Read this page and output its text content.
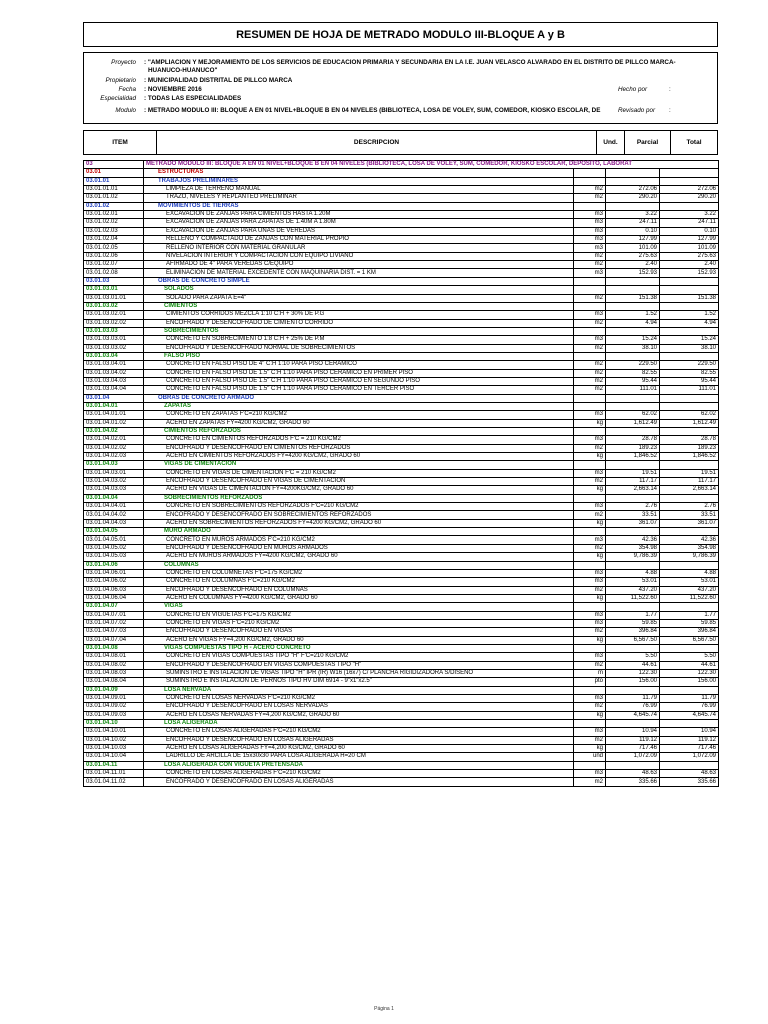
RESUMEN DE HOJA DE METRADO MODULO III-BLOQUE A y B
Proyecto : "AMPLIACION Y MEJORAMIENTO DE LOS SERVICIOS DE EDUCACION PRIMARIA Y SECUNDARIA EN LA I.E. JUAN VELASCO ALVARADO EN EL DISTRITO DE PILLCO MARCA-
HUANUCO-HUANUCO"
Propietario : MUNICIPALIDAD DISTRITAL DE PILLCO MARCA
Fecha : NOVIEMBRE 2016	Hecho por	:
Especialidad : TODAS LAS ESPECIALIDADES
Modulo : METRADO MODULO III: BLOQUE A EN 01 NIVEL+BLOQUE B EN 04 NIVELES (BIBLIOTECA, LOSA DE VOLEY, SUM, COMEDOR, KIOSKO ESCOLAR, DE	Revisado por :
ITEM	DESCRIPCION	Und.	Parcial	Total
03	METRADO MODULO III: BLOQUE A EN 01 NIVEL+BLOQUE B EN 04 NIVELES (BIBLIOTECA, LOSA DE VOLEY, SUM, COMEDOR, KIOSKO ESCOLAR, DEPOSITO, LABORAT			
03.01	ESTRUCTURAS			
03.01.01	TRABAJOS PRELIMINARES			
03.01.01.01	LIMPIEZA DE TERRENO MANUAL	m2	272.06	272.06
03.01.01.02	TRAZO, NIVELES Y REPLANTEO PRELIMINAR	m2	290.20	290.20
03.01.02	MOVIMIENTOS DE TIERRAS			
03.01.02.01	EXCAVACION DE ZANJAS PARA CIMIENTOS HASTA 1.20M	m3	3.22	3.22
03.01.02.02	EXCAVACION DE ZANJAS PARA ZAPATAS DE 1.40M A 1.80M	m3	247.11	247.11
03.01.02.03	EXCAVACION DE ZANJAS PARA UNAS DE VEREDAS	m3	0.10	0.10
03.01.02.04	RELLENO Y COMPACTADO DE ZANJAS CON MATERIAL PROPIO	m3	127.99	127.99
03.01.02.05	RELLENO INTERIOR CON MATERIAL GRANULAR	m3	101.09	101.09
03.01.02.06	NIVELACION INTERIOR Y COMPACTACION CON EQUIPO LIVIANO	m2	275.63	275.63
03.01.02.07	AFIRMADO DE 4" PARA VEREDAS C/EQUIPO	m2	2.40	2.40
03.01.02.08	ELIMINACION DE MATERIAL EXCEDENTE CON MAQUINARIA DIST. = 1 KM	m3	152.93	152.93
03.01.03	OBRAS DE CONCRETO SIMPLE			
03.01.03.01	SOLADOS			
03.01.03.01.01	SOLADO PARA ZAPATA E=4"	m2	151.38	151.38
03.01.03.02	CIMIENTOS			
03.01.03.02.01	CIMIENTOS CORRIDOS MEZCLA 1:10 C:H + 30% DE P.G	m3	1.52	1.52
03.01.03.02.02	ENCOFRADO Y DESENCOFRADO DE CIMIENTO CORRIDO	m2	4.94	4.94
03.01.03.03	SOBRECIMIENTOS			
03.01.03.03.01	CONCRETO EN SOBRECIMIENTO 1:8 C:H + 25% DE P.M	m3	15.24	15.24
03.01.03.03.02	ENCOFRADO Y DESENCOFRADO NORMAL DE SOBRECIMIENTOS	m2	38.10	38.10
03.01.03.04	FALSO PISO			
03.01.03.04.01	CONCRETO EN FALSO PISO DE 4" C:H 1:10 PARA PISO CERAMICO	m2	229.50	229.50
03.01.03.04.02	CONCRETO EN FALSO PISO DE 1.5" C:H 1:10 PARA PISO CERAMICO EN PRIMER PISO	m2	82.55	82.55
03.01.03.04.03	CONCRETO EN FALSO PISO DE 1.5" C:H 1:10 PARA PISO CERAMICO EN SEGUNDO PISO	m2	95.44	95.44
03.01.03.04.04	CONCRETO EN FALSO PISO DE 1.5" C:H 1:10 PARA PISO CERAMICO EN TERCER PISO	m2	111.01	111.01
03.01.04	OBRAS DE CONCRETO ARMADO			
03.01.04.01	ZAPATAS			
03.01.04.01.01	CONCRETO EN ZAPATAS F'C=210 KG/CM2	m3	62.02	62.02
03.01.04.01.02	ACERO EN ZAPATAS FY=4200 KG/CM2, GRADO 60	kg	1,612.49	1,612.49
03.01.04.02	CIMIENTOS REFORZADOS			
03.01.04.02.01	CONCRETO EN CIMIENTOS REFORZADOS F'C = 210 KG/CM2	m3	28.78	28.78
03.01.04.02.02	ENCOFRADO Y DESENCOFRADO EN CIMIENTOS REFORZADOS	m2	189.23	189.23
03.01.04.02.03	ACERO EN CIMIENTOS REFORZADOS FY=4200 KG/CM2, GRADO 60	kg	1,846.52	1,846.52
03.01.04.03	VIGAS DE CIMENTACION			
03.01.04.03.01	CONCRETO EN VIGAS DE CIMENTACION F'C = 210 KG/CM2	m3	19.51	19.51
03.01.04.03.02	ENCOFRADO Y DESENCOFRADO EN VIGAS DE CIMENTACION	m2	117.17	117.17
03.01.04.03.03	ACERO EN VIGAS DE CIMENTACION FY=4200KG/CM2, GRADO 60	kg	2,663.14	2,663.14
03.01.04.04	SOBRECIMIENTOS REFORZADOS			
03.01.04.04.01	CONCRETO EN SOBRECIMIENTOS REFORZADOS F'C=210 KG/CM2	m3	2.76	2.76
03.01.04.04.02	ENCOFRADO Y DESENCOFRADO EN SOBRECIMIENTOS REFORZADOS	m2	33.51	33.51
03.01.04.04.03	ACERO EN SOBRECIMIENTOS REFORZADOS FY=4200 KG/CM2, GRADO 60	kg	361.07	361.07
03.01.04.05	MURO ARMADO			
03.01.04.05.01	CONCRETO EN MUROS ARMADOS F'C=210 KG/CM2	m3	42.36	42.36
03.01.04.05.02	ENCOFRADO Y DESENCOFRADO EN MUROS ARMADOS	m2	354.98	354.98
03.01.04.05.03	ACERO EN MUROS ARMADOS FY=4200 KG/CM2, GRADO 60	kg	9,786.39	9,786.39
03.01.04.06	COLUMNAS			
03.01.04.06.01	CONCRETO EN COLUMNETAS F'C=175 KG/CM2	m3	4.88	4.88
03.01.04.06.02	CONCRETO EN COLUMNAS F'C=210 KG/CM2	m3	53.01	53.01
03.01.04.06.03	ENCOFRADO Y DESENCOFRADO EN COLUMNAS	m2	437.20	437.20
03.01.04.06.04	ACERO EN COLUMNAS FY=4200 KG/CM2, GRADO 60	kg	11,522.60	11,522.60
03.01.04.07	VIGAS			
03.01.04.07.01	CONCRETO EN VIGUETAS F'C=175 KG/CM2	m3	1.77	1.77
03.01.04.07.02	CONCRETO EN VIGAS F'C=210 KG/CM2	m3	59.85	59.85
03.01.04.07.03	ENCOFRADO Y DESENCOFRADO EN VIGAS	m2	396.84	396.84
03.01.04.07.04	ACERO EN VIGAS FY=4,200 KG/CM2, GRADO 60	kg	6,567.50	6,567.50
03.01.04.08	VIGAS COMPUESTAS TIPO H - ACERO CONCRETO			
03.01.04.08.01	CONCRETO EN VIGAS COMPUESTAS TIPO "H" F'C=210 KG/CM2	m3	5.50	5.50
03.01.04.08.02	ENCOFRADO Y DESENCOFRADO EN VIGAS COMPUESTAS TIPO "H"	m2	44.61	44.61
03.01.04.08.03	SUMINSTRO E INSTALACION DE VIGAS TIPO "H" IPR (IR) W16 (16x7) C/ PLANCHA RIGIDIZADORA S/DISEÑO	m	122.30	122.30
03.01.04.08.04	SUMINSTRO E INSTALACION DE PERNOS TIPO HV DIM 6914 - 9"x1"x2.5"	pto	156.00	156.00
03.01.04.09	LOSA NERVADA			
03.01.04.09.01	CONCRETO EN LOSAS NERVADAS F'C=210 KG/CM2	m3	11.79	11.79
03.01.04.09.02	ENCOFRADO Y DESENCOFRADO EN LOSAS NERVADAS	m2	76.99	76.99
03.01.04.09.03	ACERO EN LOSAS NERVADAS FY=4,200 KG/CM2, GRADO 60	kg	4,645.74	4,645.74
03.01.04.10	LOSA ALIGERADA			
03.01.04.10.01	CONCRETO EN LOSAS ALIGERADAS F'C=210 KG/CM2	m3	10.94	10.94
03.01.04.10.02	ENCOFRADO Y DESENCOFRADO EN LOSAS ALIGERADAS	m2	119.12	119.12
03.01.04.10.03	ACERO EN LOSAS ALIGERADAS FY=4,200 KG/CM2, GRADO 60	kg	717.46	717.46
03.01.04.10.04	LADRILLO DE ARCILLA DE 15x30x30 PARA LOSA ALIGERADA H=20 CM	und	1,072.09	1,072.09
03.01.04.11	LOSA ALIGERADA CON VIGUETA PRETENSADA			
03.01.04.11.01	CONCRETO EN LOSAS ALIGERADAS F'C=210 KG/CM2	m3	48.63	48.63
03.01.04.11.02	ENCOFRADO Y DESENCOFRADO EN LOSAS ALIGERADAS	m2	335.66	335.66
Página 1
